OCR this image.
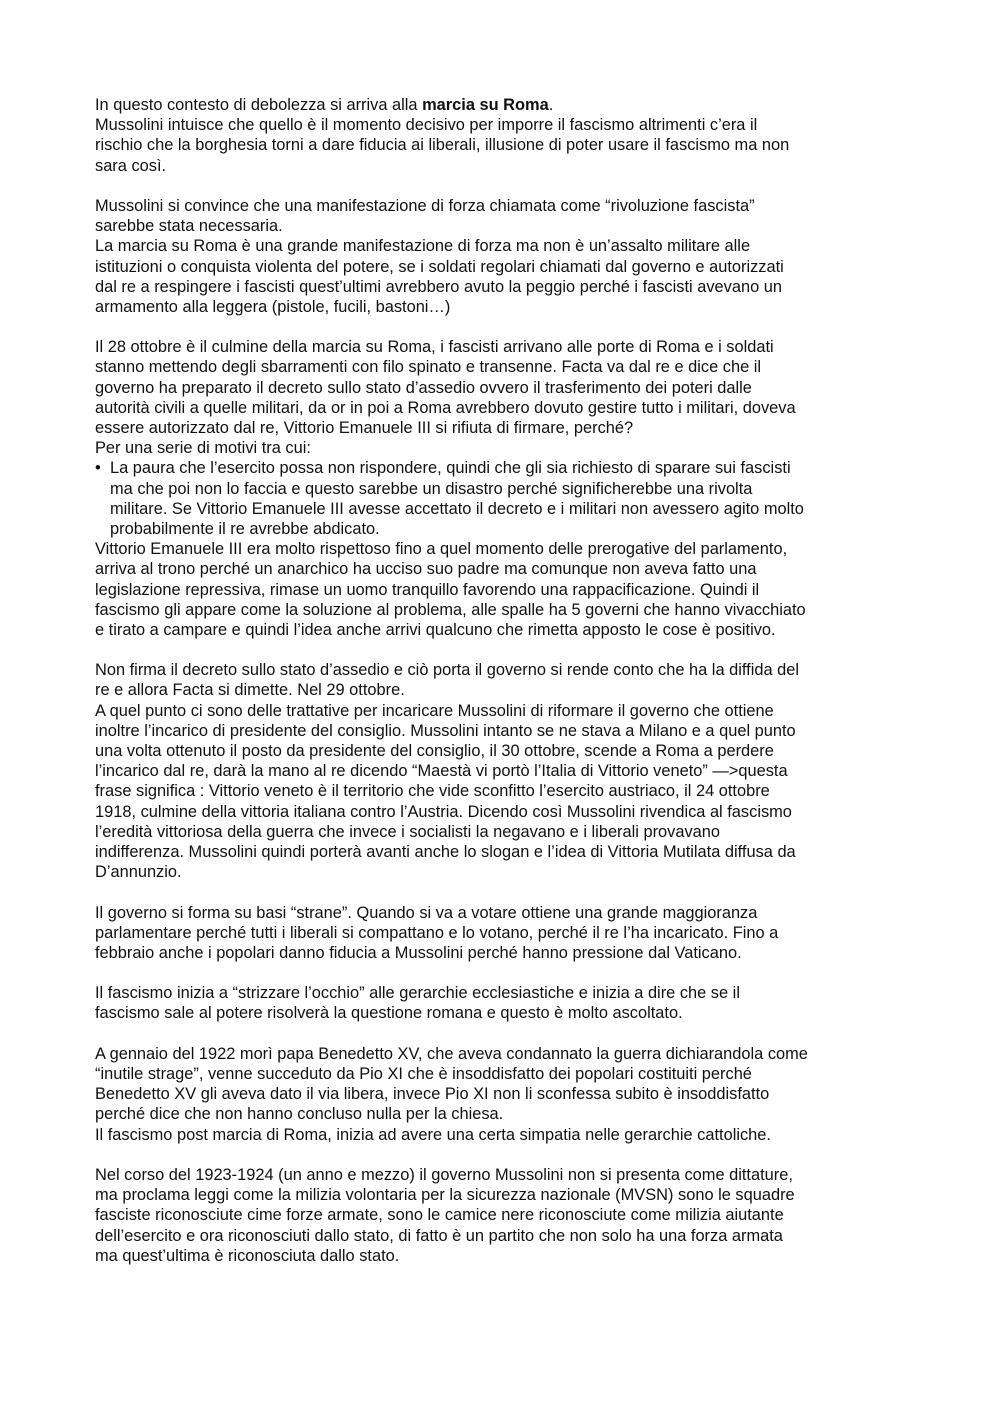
In questo contesto di debolezza si arriva alla marcia su Roma.
Mussolini intuisce che quello è il momento decisivo per imporre il fascismo altrimenti c’era il
rischio che la borghesia torni a dare fiducia ai liberali, illusione di poter usare il fascismo ma non
sara così.
Mussolini si convince che una manifestazione di forza chiamata come “rivoluzione fascista”
sarebbe stata necessaria.
La marcia su Roma è una grande manifestazione di forza ma non è un’assalto militare alle
istituzioni o conquista violenta del potere, se i soldati regolari chiamati dal governo e autorizzati
dal re a respingere i fascisti quest’ultimi avrebbero avuto la peggio perché i fascisti avevano un
armamento alla leggera (pistole, fucili, bastoni…)
Il 28 ottobre è il culmine della marcia su Roma, i fascisti arrivano alle porte di Roma e i soldati
stanno mettendo degli sbarramenti con filo spinato e transenne. Facta va dal re e dice che il
governo ha preparato il decreto sullo stato d’assedio ovvero il trasferimento dei poteri dalle
autorità civili a quelle militari, da or in poi a Roma avrebbero dovuto gestire tutto i militari, doveva
essere autorizzato dal re, Vittorio Emanuele III si rifiuta di firmare, perché?
Per una serie di motivi tra cui:
• La paura che l’esercito possa non rispondere, quindi che gli sia richiesto di sparare sui fascisti
ma che poi non lo faccia e questo sarebbe un disastro perché significherebbe una rivolta
militare. Se Vittorio Emanuele III avesse accettato il decreto e i militari non avessero agito molto
probabilmente il re avrebbe abdicato.
Vittorio Emanuele III era molto rispettoso fino a quel momento delle prerogative del parlamento,
arriva al trono perché un anarchico ha ucciso suo padre ma comunque non aveva fatto una
legislazione repressiva, rimase un uomo tranquillo favorendo una rappacificazione. Quindi il
fascismo gli appare come la soluzione al problema, alle spalle ha 5 governi che hanno vivacchiato
e tirato a campare e quindi l’idea anche arrivi qualcuno che rimetta apposto le cose è positivo.
Non firma il decreto sullo stato d’assedio e ciò porta il governo si rende conto che ha la diffida del
re e allora Facta si dimette. Nel 29 ottobre.
A quel punto ci sono delle trattative per incaricare Mussolini di riformare il governo che ottiene
inoltre l’incarico di presidente del consiglio. Mussolini intanto se ne stava a Milano e a quel punto
una volta ottenuto il posto da presidente del consiglio, il 30 ottobre, scende a Roma a perdere
l’incarico dal re, darà la mano al re dicendo “Maestà vi portò l’Italia di Vittorio veneto” —>questa
frase significa : Vittorio veneto è il territorio che vide sconfitto l’esercito austriaco, il 24 ottobre
1918, culmine della vittoria italiana contro l’Austria. Dicendo così Mussolini rivendica al fascismo
l’eredità vittoriosa della guerra che invece i socialisti la negavano e i liberali provavano
indifferenza. Mussolini quindi porterà avanti anche lo slogan e l’idea di Vittoria Mutilata diffusa da
D’annunzio.
Il governo si forma su basi “strane”. Quando si va a votare ottiene una grande maggioranza
parlamentare perché tutti i liberali si compattano e lo votano, perché il re l’ha incaricato. Fino a
febbraio anche i popolari danno fiducia a Mussolini perché hanno pressione dal Vaticano.
Il fascismo inizia a “strizzare l’occhio” alle gerarchie ecclesiastiche e inizia a dire che se il
fascismo sale al potere risolverà la questione romana e questo è molto ascoltato.
A gennaio del 1922 morì papa Benedetto XV, che aveva condannato la guerra dichiarandola come
“inutile strage”, venne succeduto da Pio XI che è insoddisfatto dei popolari costituiti perché
Benedetto XV gli aveva dato il via libera, invece Pio XI non li sconfessa subito è insoddisfatto
perché dice che non hanno concluso nulla per la chiesa.
Il fascismo post marcia di Roma, inizia ad avere una certa simpatia nelle gerarchie cattoliche.
Nel corso del 1923-1924 (un anno e mezzo) il governo Mussolini non si presenta come dittature,
ma proclama leggi come la milizia volontaria per la sicurezza nazionale (MVSN) sono le squadre
fasciste riconosciute cime forze armate, sono le camice nere riconosciute come milizia aiutante
dell’esercito e ora riconosciuti dallo stato, di fatto è un partito che non solo ha una forza armata
ma quest’ultima è riconosciuta dallo stato.
